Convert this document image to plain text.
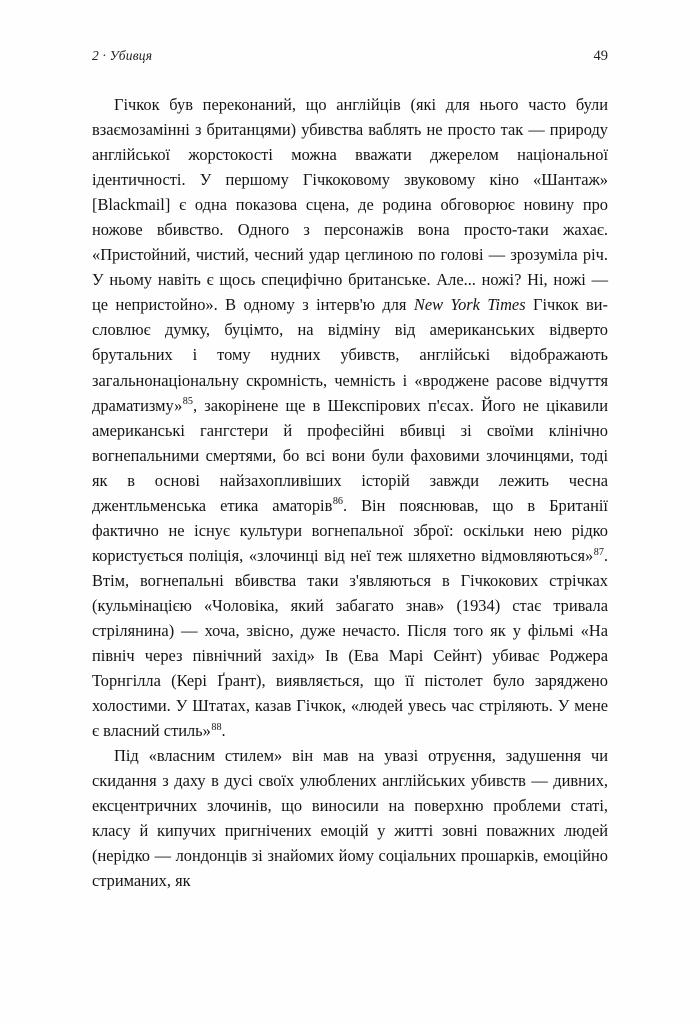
2 · Убивця	49

Гічкок був переконаний, що англійців (які для нього часто були взаємозамінні з британцями) убивства ваблять не просто так — природу англійської жорстокості можна вважати джерелом національної ідентичності. У першому Гічкоковому звуковому кіно «Шантаж» [Blackmail] є одна показова сцена, де родина обговорює новину про ножове вбивство. Одного з персонажів вона просто-таки жахає. «Пристойний, чистий, чесний удар цеглиною по голові — зрозуміла річ. У ньому навіть є щось специфічно британське. Але... ножі? Ні, ножі — це непристойно». В одному з інтерв'ю для New York Times Гічкок висловлює думку, буцімто, на відміну від американських відверто брутальних і тому нудних убивств, англійські відображають загальнонаціональну скромність, чемність і «вроджене расове відчуття драматизму»$^{85}$, закорінене ще в Шекспірових п'єсах. Його не цікавили американські гангстери й професійні вбивці зі своїми клінічно вогнепальними смертями, бо всі вони були фаховими злочинцями, тоді як в основі найзахопливіших історій завжди лежить чесна джентльменська етика аматорів$^{86}$. Він пояснював, що в Британії фактично не існує культури вогнепальної зброї: оскільки нею рідко користується поліція, «злочинці від неї теж шляхетно відмовляються»$^{87}$. Втім, вогнепальні вбивства таки з'являються в Гічкокових стрічках (кульмінацією «Чоловіка, який забагато знав» (1934) стає тривала стрілянина) — хоча, звісно, дуже нечасто. Після того як у фільмі «На північ через північний захід» Ів (Ева Марі Сейнт) убиває Роджера Торнгілла (Кері Ґрант), виявляється, що її пістолет було заряджено холостими. У Штатах, казав Гічкок, «людей увесь час стріляють. У мене є власний стиль»$^{88}$.

Під «власним стилем» він мав на увазі отруєння, задушення чи скидання з даху в дусі своїх улюблених англійських убивств — дивних, ексцентричних злочинів, що виносили на поверхню проблеми статі, класу й кипучих пригнічених емоцій у житті зовні поважних людей (нерідко — лондонців зі знайомих йому соціальних прошарків, емоційно стриманих, як
